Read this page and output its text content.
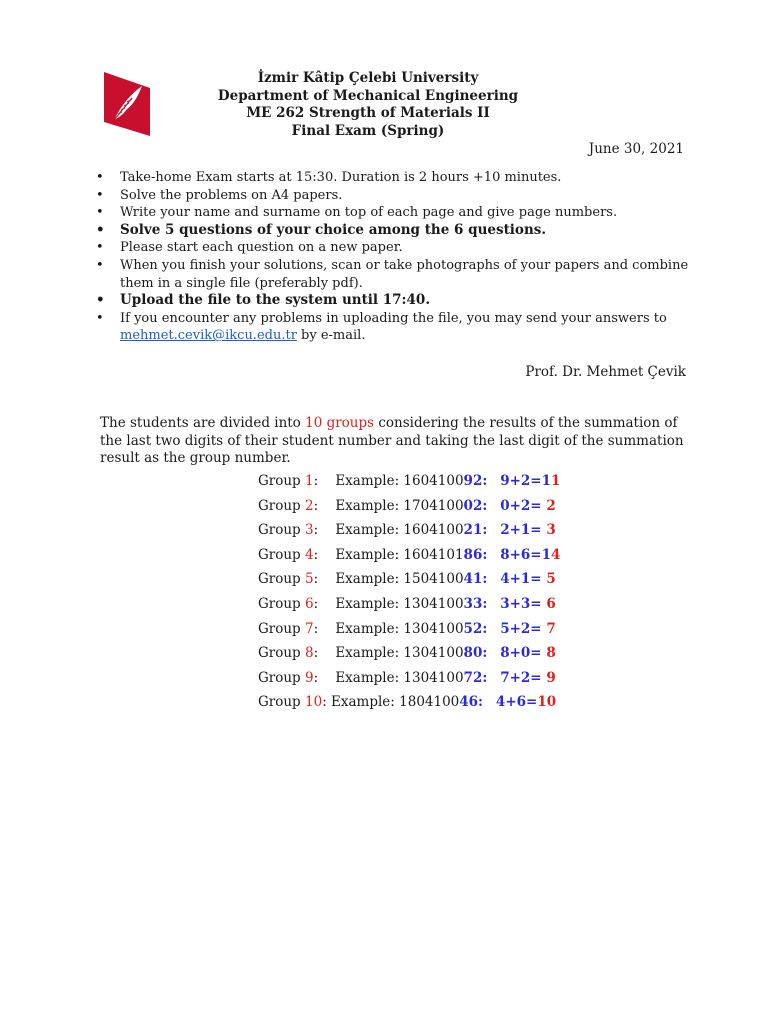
İzmir Kâtip Çelebi University
Department of Mechanical Engineering
ME 262 Strength of Materials II
Final Exam (Spring)
June 30, 2021
• Take-home Exam starts at 15:30. Duration is 2 hours +10 minutes.
• Solve the problems on A4 papers.
• Write your name and surname on top of each page and give page numbers.
• Solve 5 questions of your choice among the 6 questions.
• Please start each question on a new paper.
• When you finish your solutions, scan or take photographs of your papers and combine them in a single file (preferably pdf).
• Upload the file to the system until 17:40.
• If you encounter any problems in uploading the file, you may send your answers to
mehmet.cevik@ikcu.edu.tr by e-mail.
Prof. Dr. Mehmet Çevik
The students are divided into 10 groups considering the results of the summation of the last two digits of their student number and taking the last digit of the summation result as the group number.
Group 1:    Example: 160410092: 9+2=11
Group 2:    Example: 170410002: 0+2= 2
Group 3:    Example: 160410021: 2+1= 3
Group 4:    Example: 160410186: 8+6=14
Group 5:    Example: 150410041: 4+1= 5
Group 6:    Example: 130410033: 3+3= 6
Group 7:    Example: 130410052: 5+2= 7
Group 8:    Example: 130410080: 8+0= 8
Group 9:    Example: 130410072: 7+2= 9
Group 10: Example: 180410046: 4+6=10
